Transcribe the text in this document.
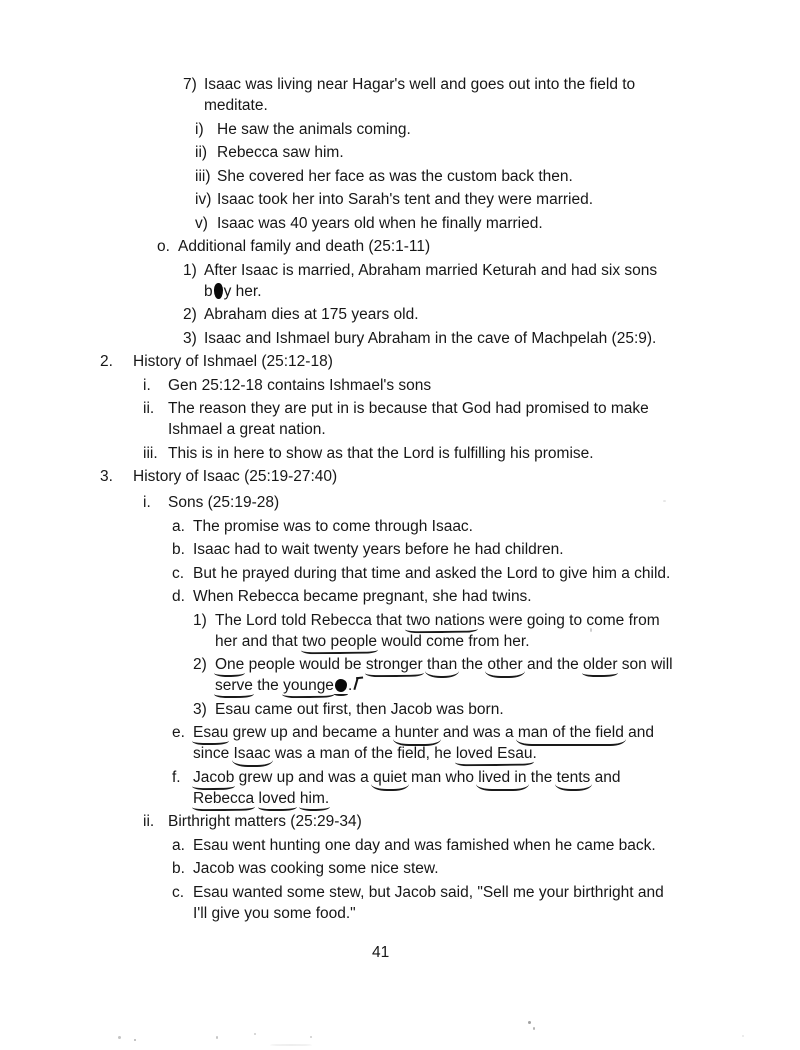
7) Isaac was living near Hagar's well and goes out into the field to
meditate.
i) He saw the animals coming.
ii) Rebecca saw him.
iii) She covered her face as was the custom back then.
iv) Isaac took her into Sarah's tent and they were married.
v) Isaac was 40 years old when he finally married.
o. Additional family and death (25:1-11)
1) After Isaac is married, Abraham married Keturah and had six sons
b y her.
2) Abraham dies at 175 years old.
3) Isaac and Ishmael bury Abraham in the cave of Machpelah (25:9).
2. History of Ishmael (25:12-18)
i. Gen 25:12-18 contains Ishmael's sons
ii. The reason they are put in is because that God had promised to make
Ishmael a great nation.
iii. This is in here to show as that the Lord is fulfilling his promise.
3. History of Isaac (25:19-27:40)
i. Sons (25:19-28)
a. The promise was to come through Isaac.
b. Isaac had to wait twenty years before he had children.
c. But he prayed during that time and asked the Lord to give him a child.
d. When Rebecca became pregnant, she had twins.
1) The Lord told Rebecca that two nations were going to come from
her and that two people would come from her.
2) One people would be stronger than the other and the older son will
serve the younge .
3) Esau came out first, then Jacob was born.
e. Esau grew up and became a hunter and was a man of the field and
since Isaac was a man of the field, he loved Esau.
f. Jacob grew up and was a quiet man who lived in the tents and
Rebecca loved him.
ii. Birthright matters (25:29-34)
a. Esau went hunting one day and was famished when he came back.
b. Jacob was cooking some nice stew.
c. Esau wanted some stew, but Jacob said, "Sell me your birthright and
I'll give you some food."
41
